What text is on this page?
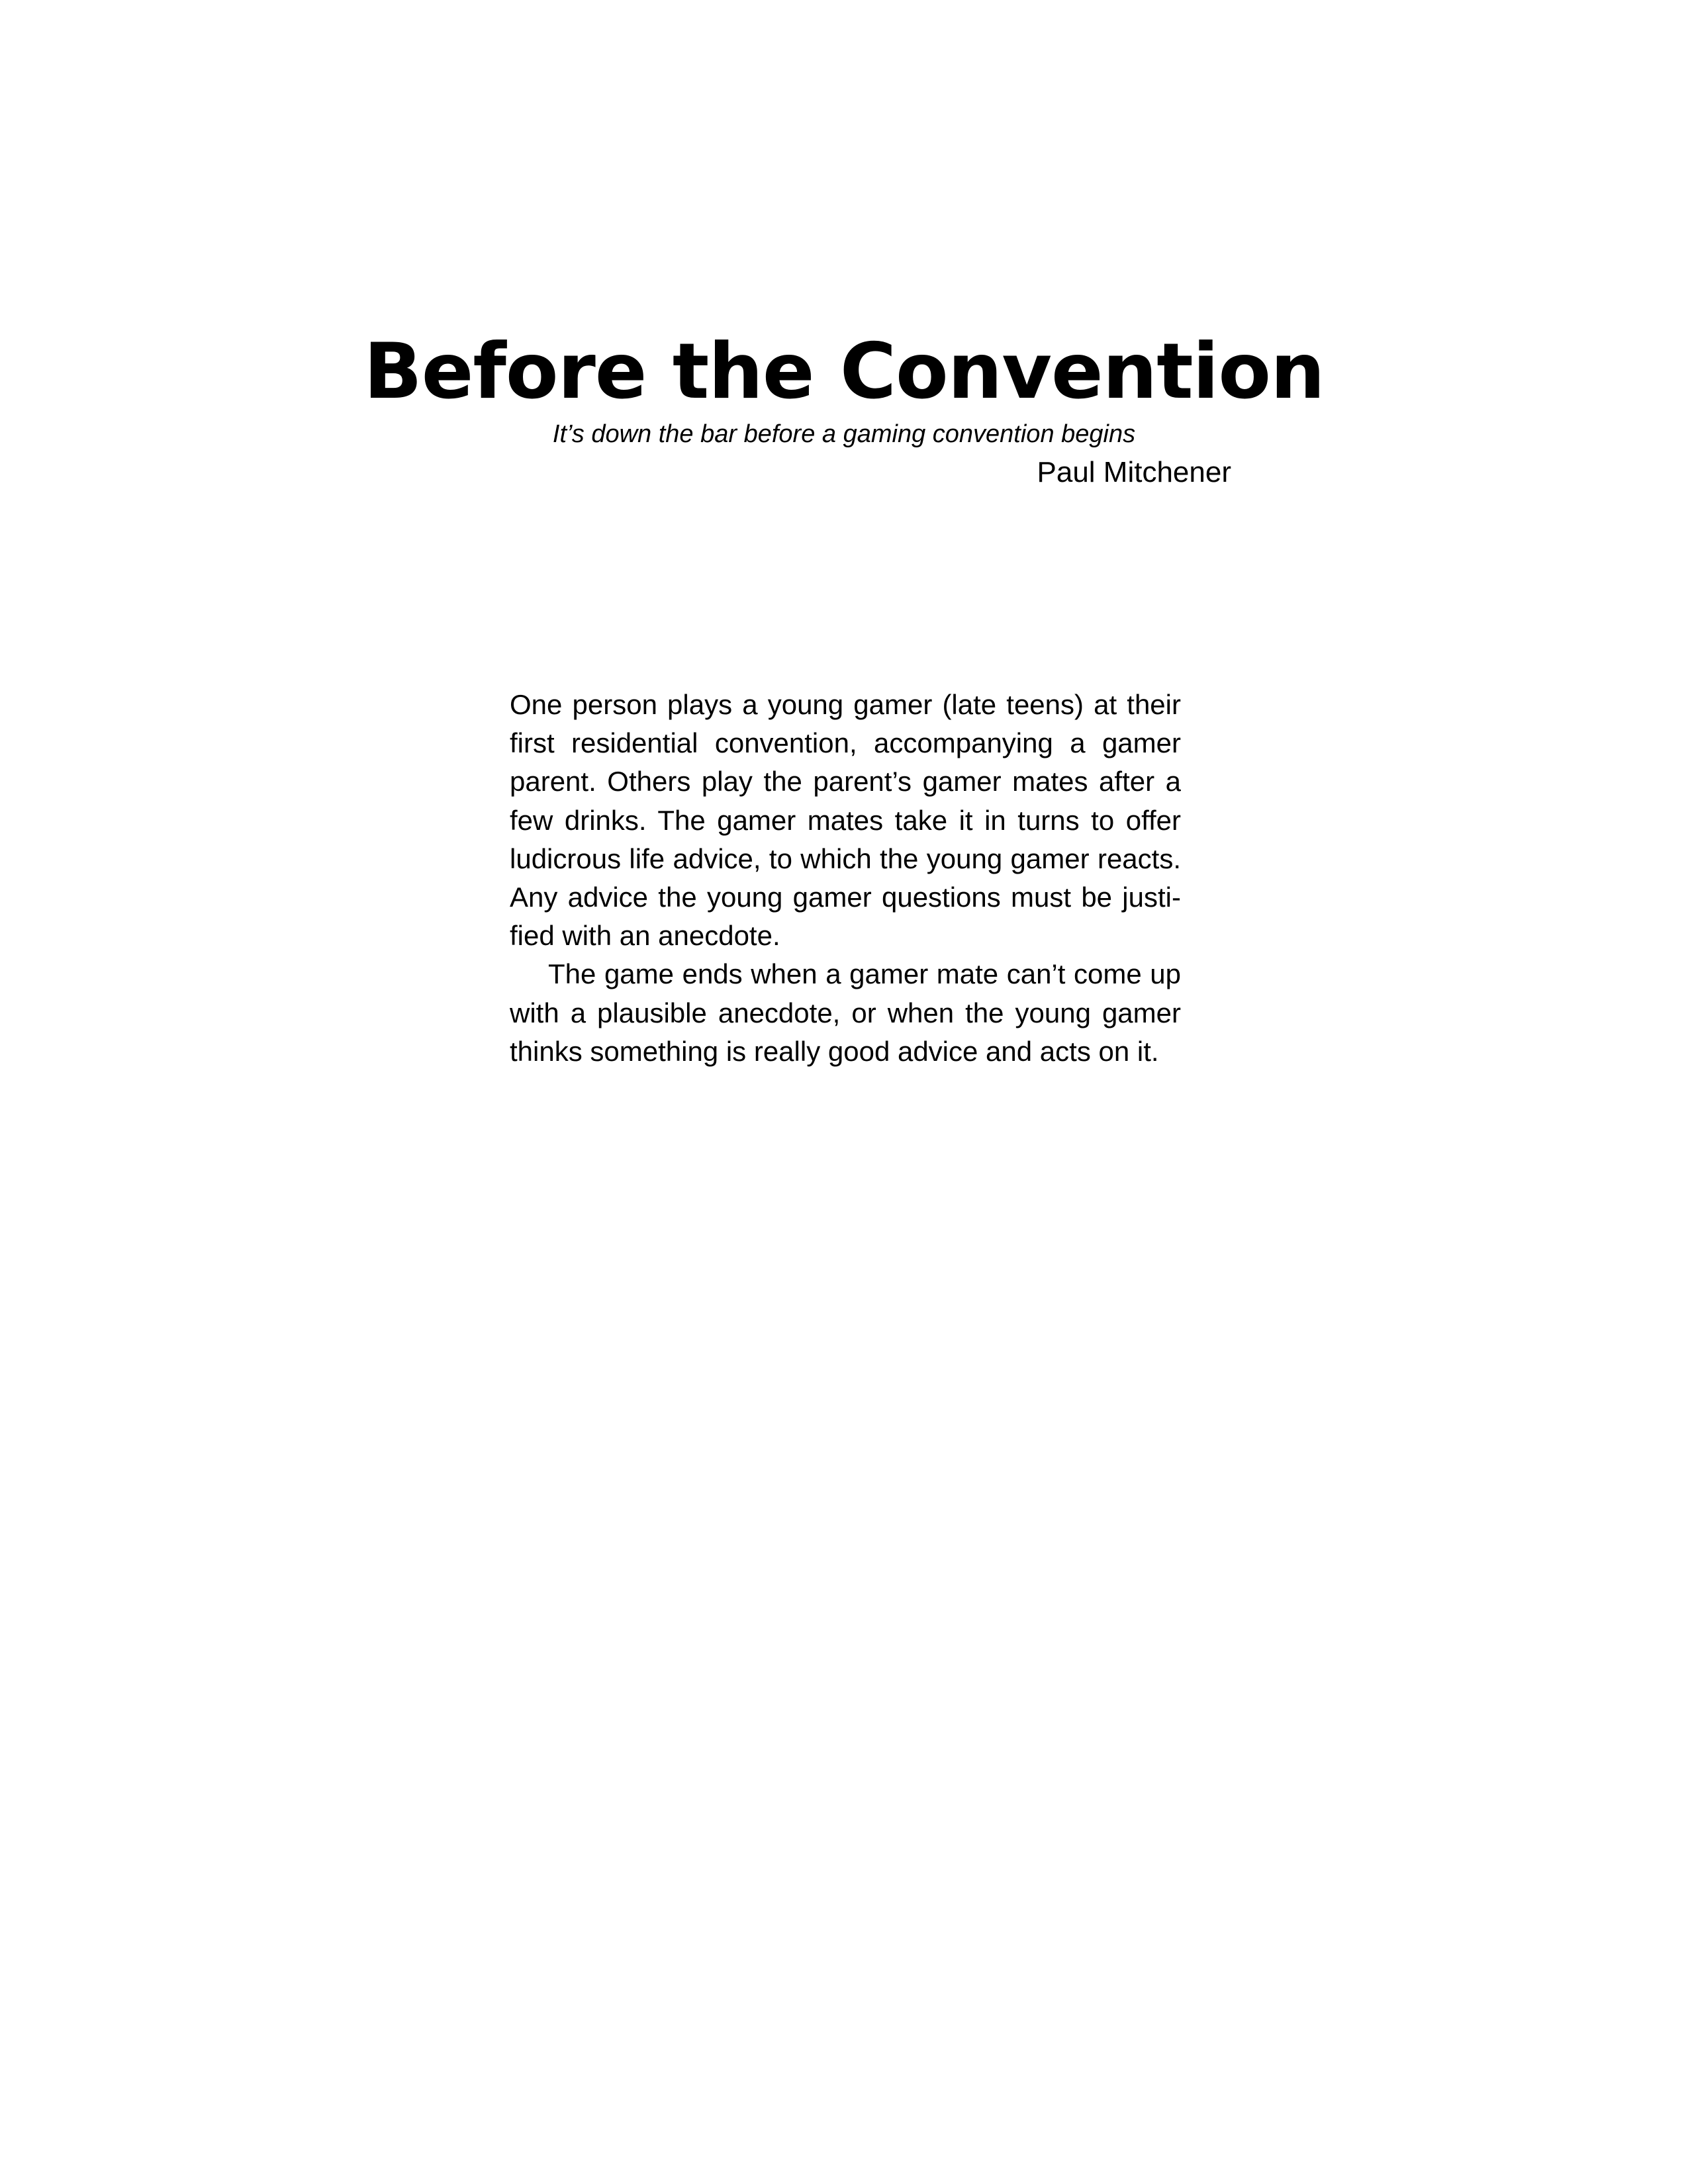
Before the Convention

It’s down the bar before a gaming convention begins

Paul Mitchener

One person plays a young gamer (late teens) at their first residential convention, accompanying a gamer parent. Others play the parent’s gamer mates after a few drinks. The gamer mates take it in turns to offer ludicrous life advice, to which the young gamer reacts. Any advice the young gamer questions must be justified with an anecdote.

The game ends when a gamer mate can’t come up with a plausible anecdote, or when the young gamer thinks something is really good advice and acts on it.
